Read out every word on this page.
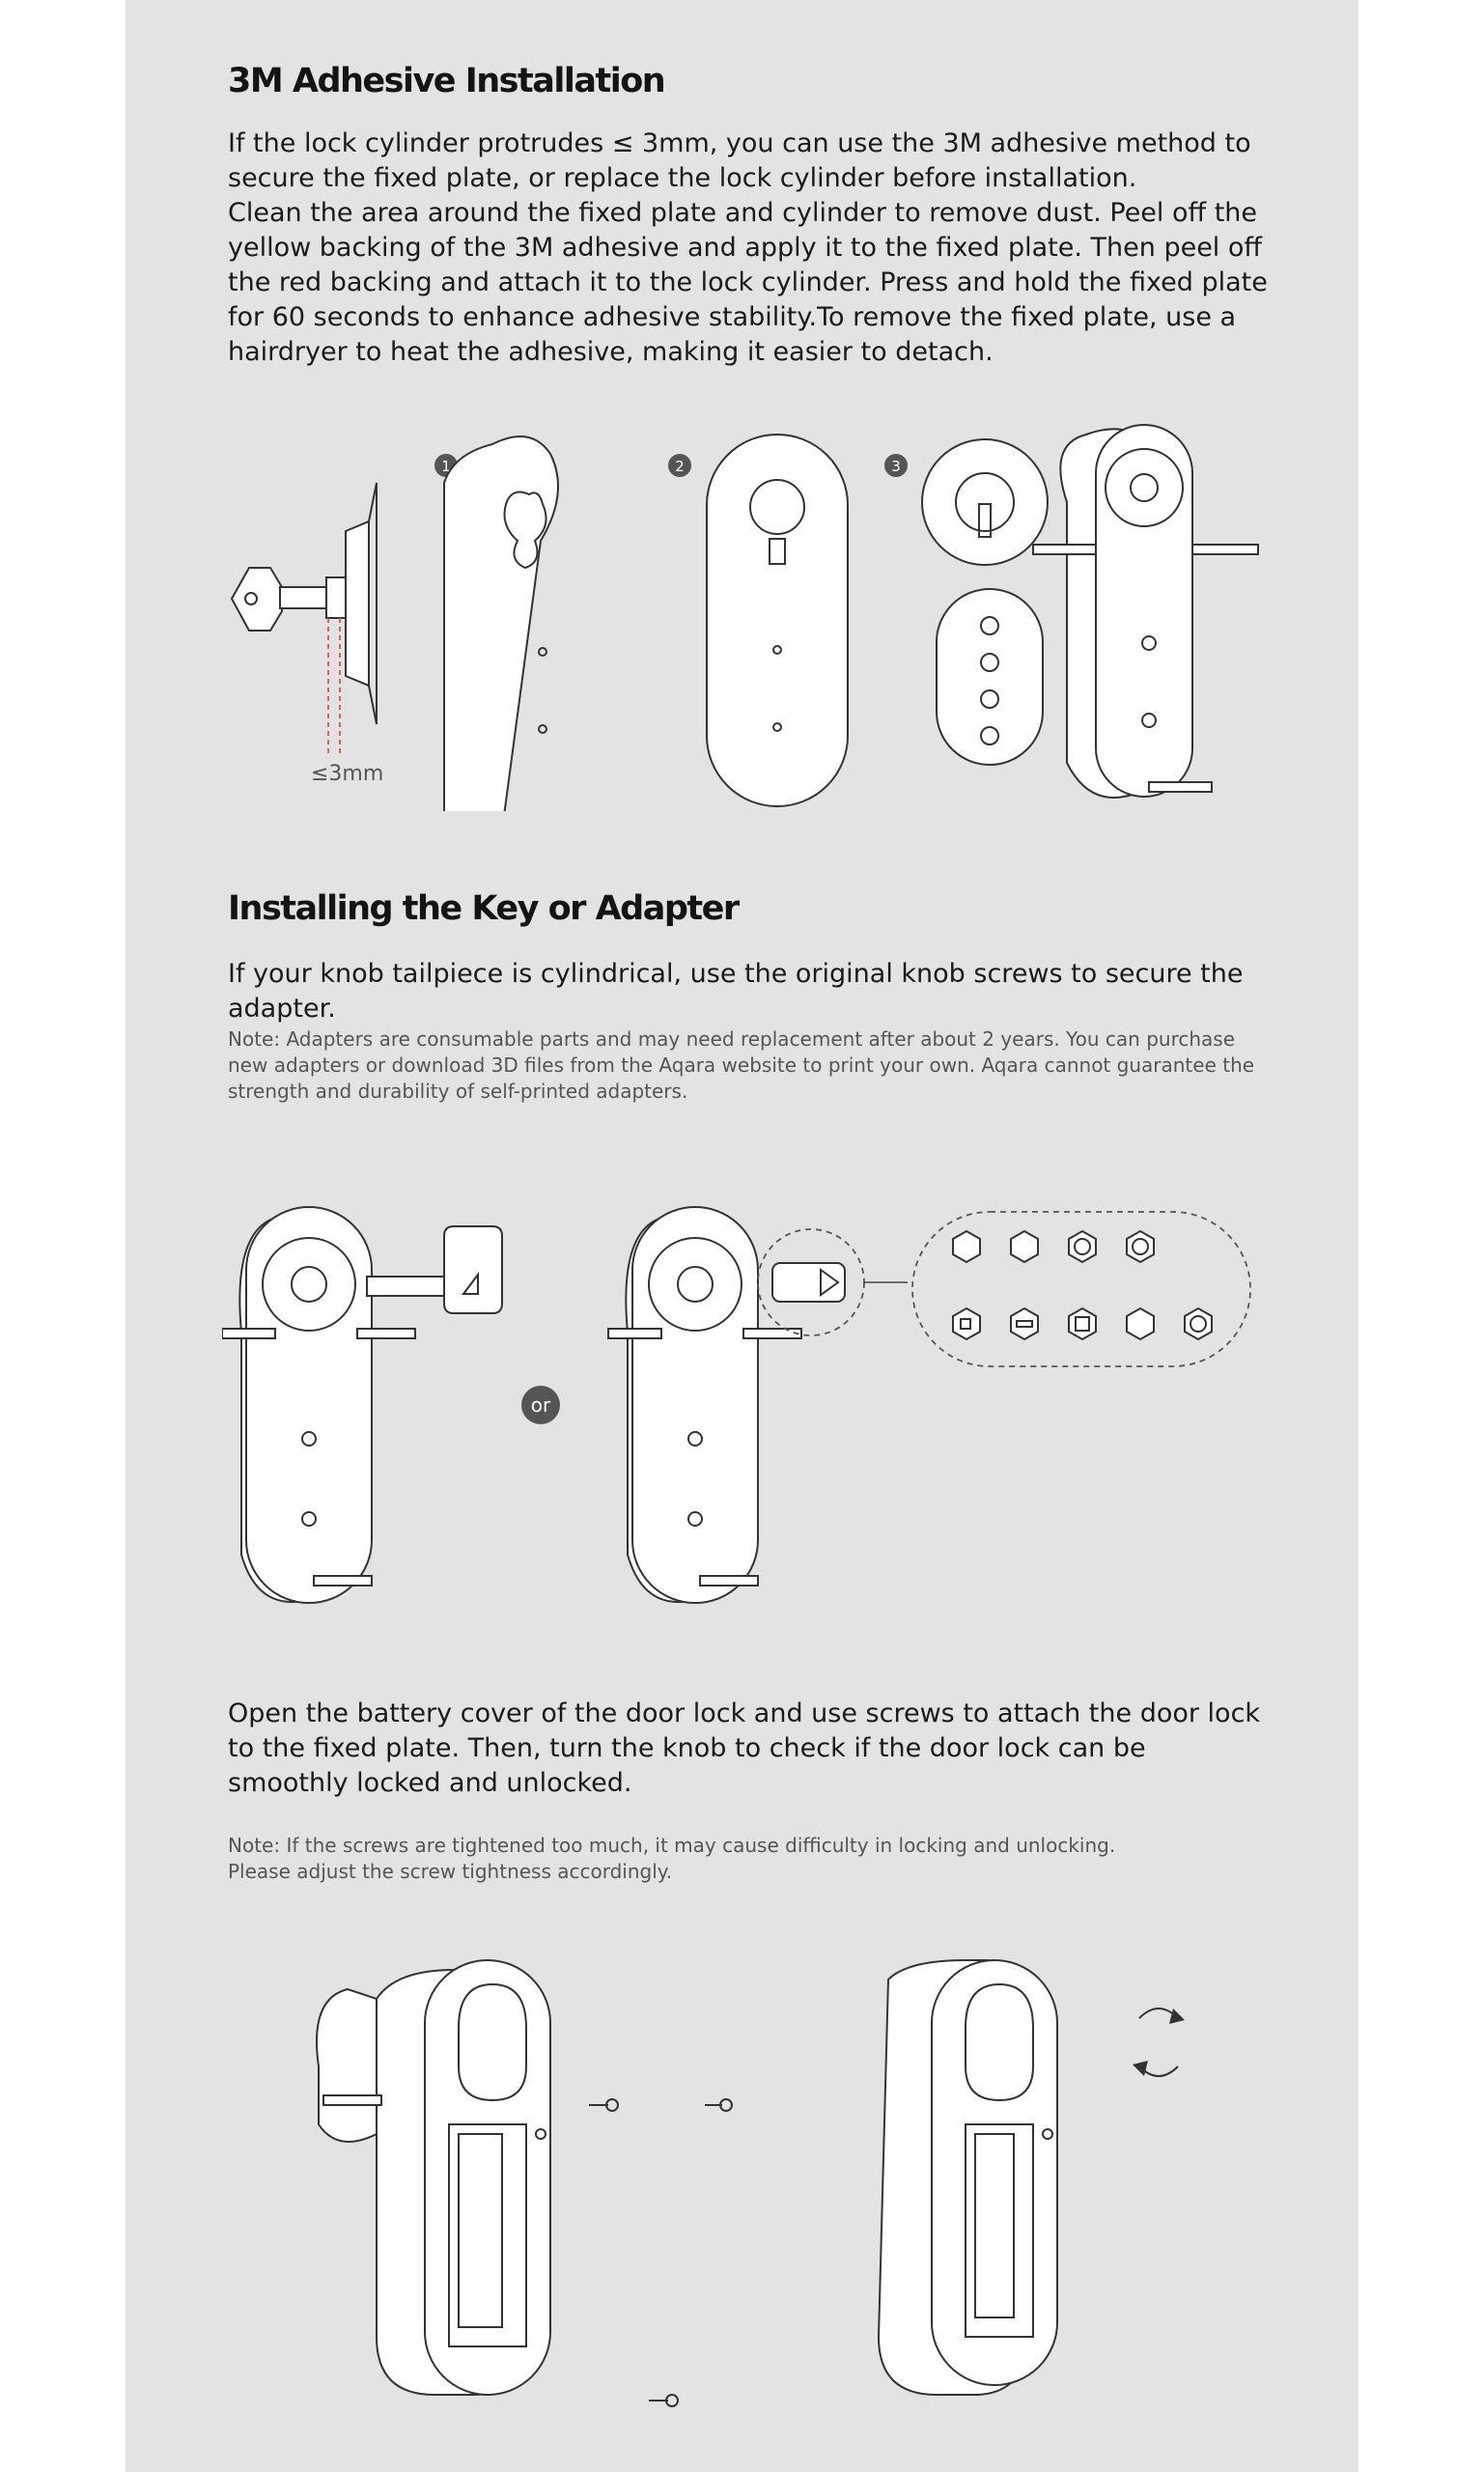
3M Adhesive Installation
If the lock cylinder protrudes ≤ 3mm, you can use the 3M adhesive method to secure the fixed plate, or replace the lock cylinder before installation.
Clean the area around the fixed plate and cylinder to remove dust. Peel off the yellow backing of the 3M adhesive and apply it to the fixed plate. Then peel off the red backing and attach it to the lock cylinder. Press and hold the fixed plate for 60 seconds to enhance adhesive stability.To remove the fixed plate, use a hairdryer to heat the adhesive, making it easier to detach.
≤3mm
1	2	3
Installing the Key or Adapter

If your knob tailpiece is cylindrical, use the original knob screws to secure the adapter.

Note: Adapters are consumable parts and may need replacement after about 2 years. You can purchase new adapters or download 3D files from the Aqara website to print your own. Aqara cannot guarantee the strength and durability of self-printed adapters.

or
Open the battery cover of the door lock and use screws to attach the door lock to the fixed plate. Then, turn the knob to check if the door lock can be smoothly locked and unlocked.
Note: If the screws are tightened too much, it may cause difficulty in locking and unlocking.
Please adjust the screw tightness accordingly.
